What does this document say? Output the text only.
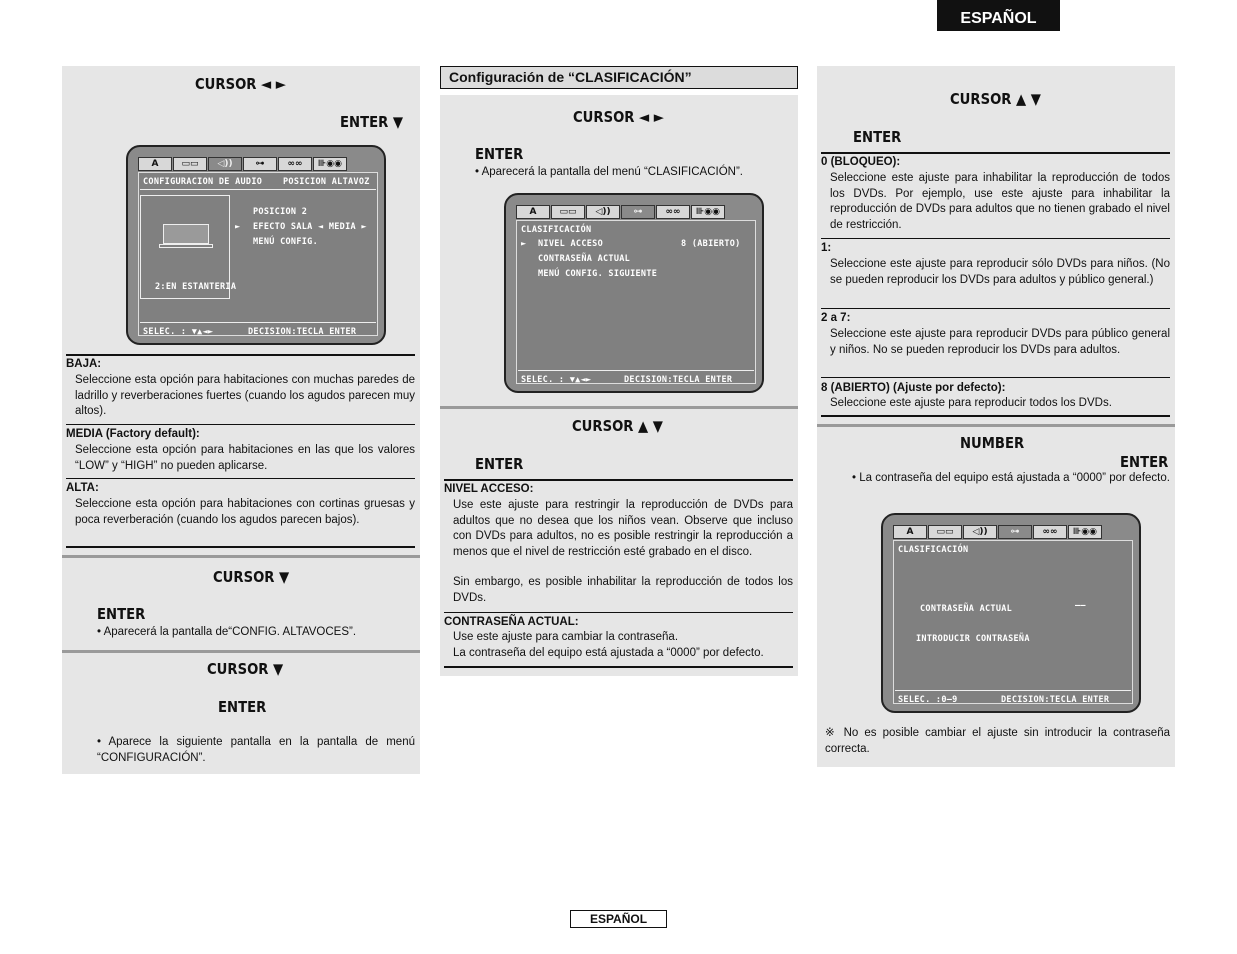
ESPAÑOL
ESPAÑOL
CURSOR ◄ ►
ENTER ▼
A	▭▭	◁))	⊶	∞∞	⊪◉◉
CONFIGURACION DE AUDIO POSICION ALTAVOZ
2:EN ESTANTERIA
POSICION 2
► EFECTO SALA ◄ MEDIA ►
MENÚ CONFIG.
SELEC. : ▼▲◄►	DECISION:TECLA ENTER
BAJA:
Seleccione esta opción para habitaciones con muchas paredes de ladrillo y reverberaciones fuertes (cuando los agudos parecen muy altos).
MEDIA (Factory default):
Seleccione esta opción para habitaciones en las que los valores “LOW” y “HIGH” no pueden aplicarse.
ALTA:
Seleccione esta opción para habitaciones con cortinas gruesas y poca reverberación (cuando los agudos parecen bajos).
CURSOR ▼
ENTER
• Aparecerá la pantalla de“CONFIG. ALTAVOCES”.
CURSOR ▼
ENTER
• Aparece la siguiente pantalla en la pantalla de menú “CONFIGURACIÓN”.
Configuración de “CLASIFICACIÓN”
CURSOR ◄ ►
ENTER
• Aparecerá la pantalla del menú “CLASIFICACIÓN”.
A	▭▭	◁))	⊶	∞∞	⊪◉◉
CLASIFICACIÓN
► NIVEL ACCESO	8 (ABIERTO)
CONTRASEÑA ACTUAL
MENÚ CONFIG. SIGUIENTE
SELEC. : ▼▲◄►	DECISION:TECLA ENTER
CURSOR ▲ ▼
ENTER
NIVEL ACCESO:
Use este ajuste para restringir la reproducción de DVDs para adultos que no desea que los niños vean. Observe que incluso con DVDs para adultos, no es posible restringir la reproducción a menos que el nivel de restricción esté grabado en el disco.
Sin embargo, es posible inhabilitar la reproducción de todos los DVDs.
CONTRASEÑA ACTUAL:
Use este ajuste para cambiar la contraseña.
La contraseña del equipo está ajustada a “0000” por defecto.
CURSOR ▲ ▼
ENTER
0 (BLOQUEO):
Seleccione este ajuste para inhabilitar la reproducción de todos los DVDs. Por ejemplo, use este ajuste para inhabilitar la reproducción de DVDs para adultos que no tienen grabado el nivel de restricción.
1:
Seleccione este ajuste para reproducir sólo DVDs para niños. (No se pueden reproducir los DVDs para adultos y público general.)
2 a 7:
Seleccione este ajuste para reproducir DVDs para público general y niños. No se pueden reproducir los DVDs para adultos.
8 (ABIERTO) (Ajuste por defecto):
Seleccione este ajuste para reproducir todos los DVDs.
NUMBER
ENTER
• La contraseña del equipo está ajustada a “0000” por defecto.
A	▭▭	◁))	⊶	∞∞	⊪◉◉
CLASIFICACIÓN
CONTRASEÑA ACTUAL	——
INTRODUCIR CONTRASEÑA
SELEC. :0–9	DECISION:TECLA ENTER
※ No es posible cambiar el ajuste sin introducir la contraseña correcta.
